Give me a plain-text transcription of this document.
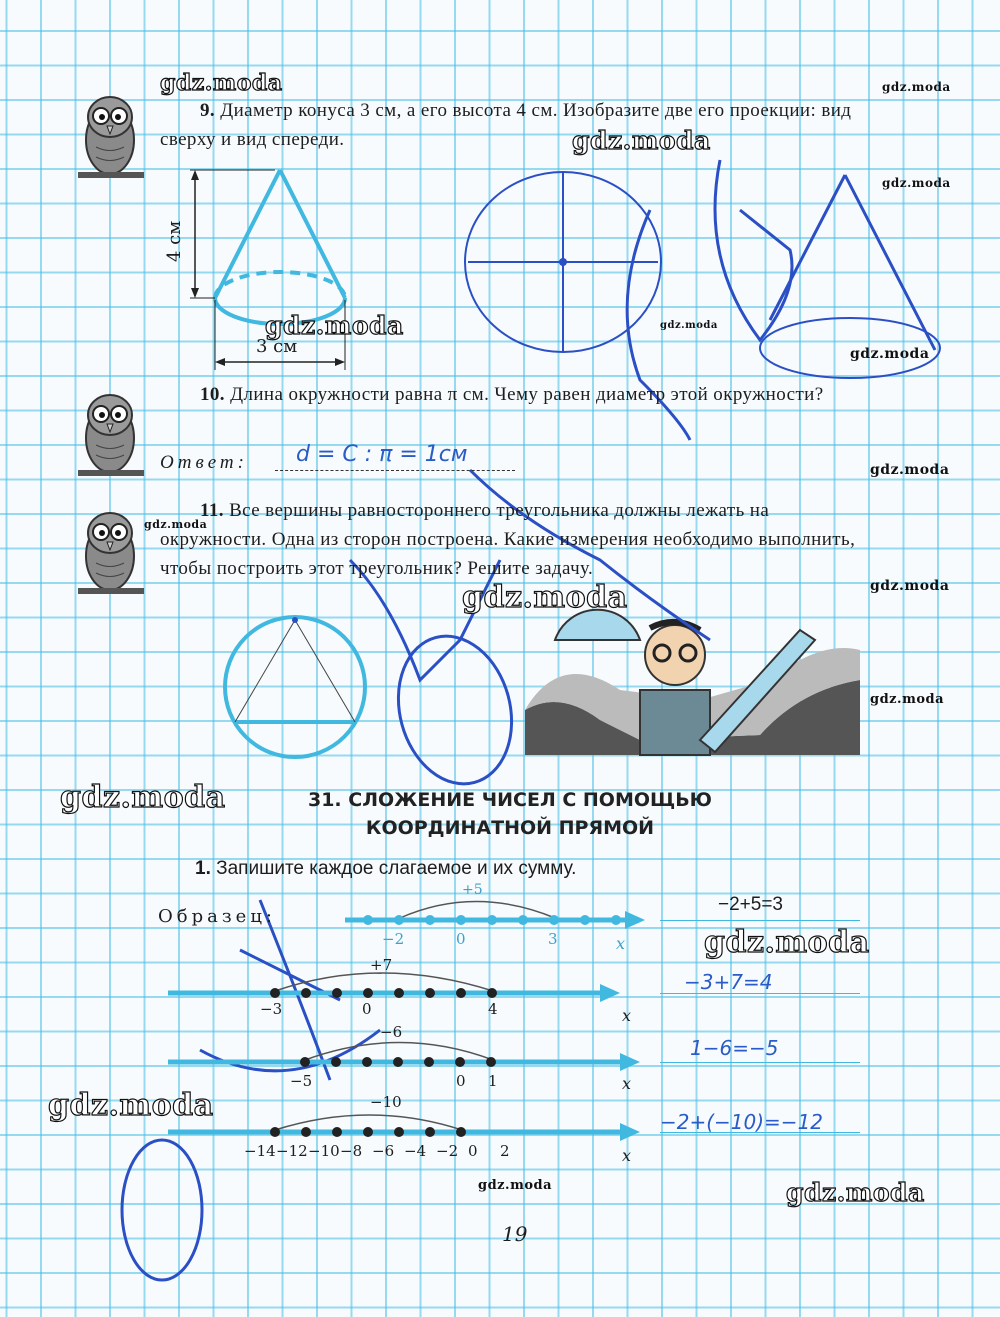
gdz.moda	gdz.moda
gdz.moda
gdz.moda
gdz.moda	gdz.moda
gdz.moda
gdz.moda
gdz.moda
gdz.moda
gdz.moda
gdz.moda
gdz.moda
gdz.moda
gdz.moda
gdz.moda	gdz.moda
9. Диаметр конуса 3 см, а его высота 4 см. Изобразите две его проекции: вид сверху и вид спереди.
4 см
3 см
10. Длина окружности равна π см. Чему равен диаметр этой окружности?
Ответ: d = C : π = 1см
11. Все вершины равностороннего треугольника должны лежать на окружности. Одна из сторон построена. Какие измерения необходимо выполнить, чтобы построить этот треугольник? Решите задачу.
31. СЛОЖЕНИЕ ЧИСЕЛ С ПОМОЩЬЮ
КООРДИНАТНОЙ ПРЯМОЙ
1. Запишите каждое слагаемое и их сумму.
Образец:
+5
−2	0	3	x
−2+5=3
+7
−3	0	4	x
−3+7=4
−6
−5	0 1	x
1−6=−5
−10
−14 −12 −10 −8 −6 −4 −2 0 2	x
−2+(−10)=−12
19
